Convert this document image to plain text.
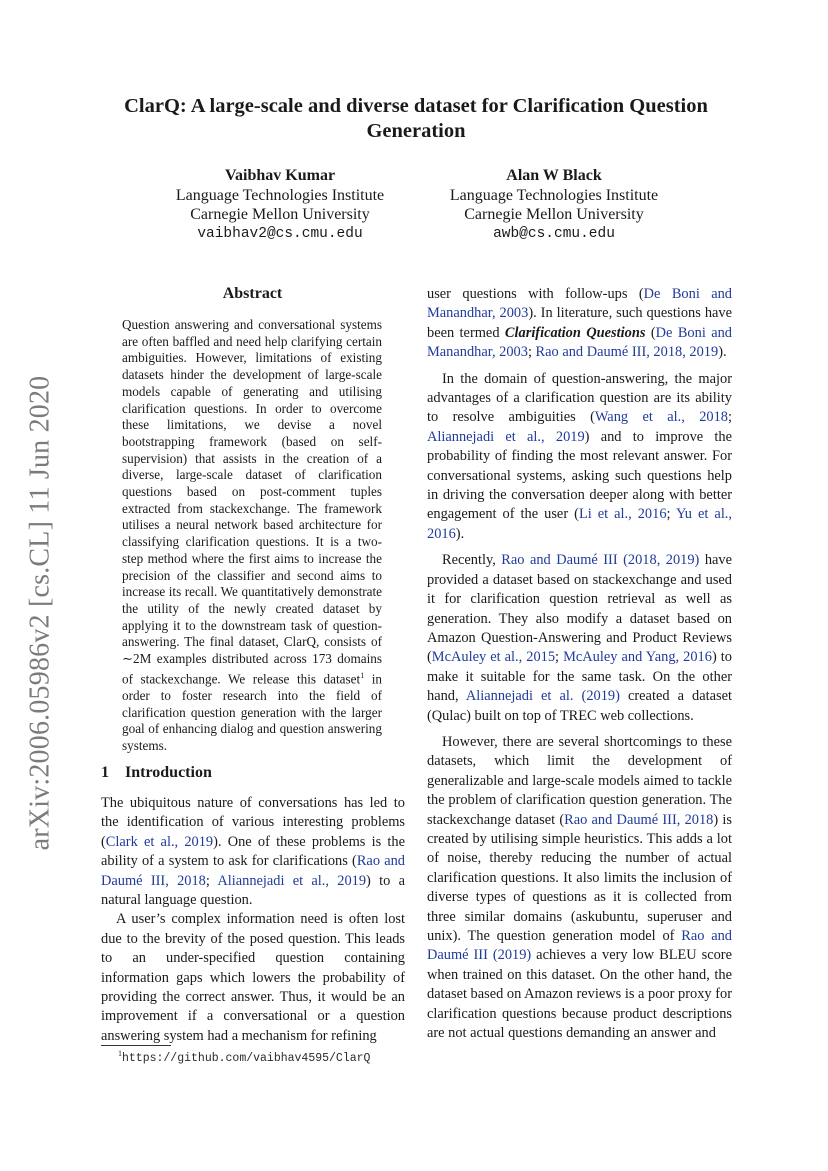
arXiv:2006.05986v2 [cs.CL] 11 Jun 2020
ClarQ: A large-scale and diverse dataset for Clarification Question Generation
Vaibhav Kumar
Language Technologies Institute
Carnegie Mellon University
vaibhav2@cs.cmu.edu
Alan W Black
Language Technologies Institute
Carnegie Mellon University
awb@cs.cmu.edu
Abstract

Question answering and conversational systems are often baffled and need help clarifying certain ambiguities. However, limitations of existing datasets hinder the development of large-scale models capable of generating and utilising clarification questions. In order to overcome these limitations, we devise a novel bootstrapping framework (based on self-supervision) that assists in the creation of a diverse, large-scale dataset of clarification questions based on post-comment tuples extracted from stackexchange. The framework utilises a neural network based architecture for classifying clarification questions. It is a two-step method where the first aims to increase the precision of the classifier and second aims to increase its recall. We quantitatively demonstrate the utility of the newly created dataset by applying it to the downstream task of question-answering. The final dataset, ClarQ, consists of ∼2M examples distributed across 173 domains of stackexchange. We release this dataset$^1$ in order to foster research into the field of clarification question generation with the larger goal of enhancing dialog and question answering systems.

1 Introduction

The ubiquitous nature of conversations has led to the identification of various interesting problems (Clark et al., 2019). One of these problems is the ability of a system to ask for clarifications (Rao and Daumé III, 2018; Aliannejadi et al., 2019) to a natural language question.

A user’s complex information need is often lost due to the brevity of the posed question. This leads to an under-specified question containing information gaps which lowers the probability of providing the correct answer. Thus, it would be an improvement if a conversational or a question answering system had a mechanism for refining

user questions with follow-ups (De Boni and Manandhar, 2003). In literature, such questions have been termed Clarification Questions (De Boni and Manandhar, 2003; Rao and Daumé III, 2018, 2019).

In the domain of question-answering, the major advantages of a clarification question are its ability to resolve ambiguities (Wang et al., 2018; Aliannejadi et al., 2019) and to improve the probability of finding the most relevant answer. For conversational systems, asking such questions help in driving the conversation deeper along with better engagement of the user (Li et al., 2016; Yu et al., 2016).

Recently, Rao and Daumé III (2018, 2019) have provided a dataset based on stackexchange and used it for clarification question retrieval as well as generation. They also modify a dataset based on Amazon Question-Answering and Product Reviews (McAuley et al., 2015; McAuley and Yang, 2016) to make it suitable for the same task. On the other hand, Aliannejadi et al. (2019) created a dataset (Qulac) built on top of TREC web collections.

However, there are several shortcomings to these datasets, which limit the development of generalizable and large-scale models aimed to tackle the problem of clarification question generation. The stackexchange dataset (Rao and Daumé III, 2018) is created by utilising simple heuristics. This adds a lot of noise, thereby reducing the number of actual clarification questions. It also limits the inclusion of diverse types of questions as it is collected from three similar domains (askubuntu, superuser and unix). The question generation model of Rao and Daumé III (2019) achieves a very low BLEU score when trained on this dataset. On the other hand, the dataset based on Amazon reviews is a poor proxy for clarification questions because product descriptions are not actual questions demanding an answer and

$^1$https://github.com/vaibhav4595/ClarQ
